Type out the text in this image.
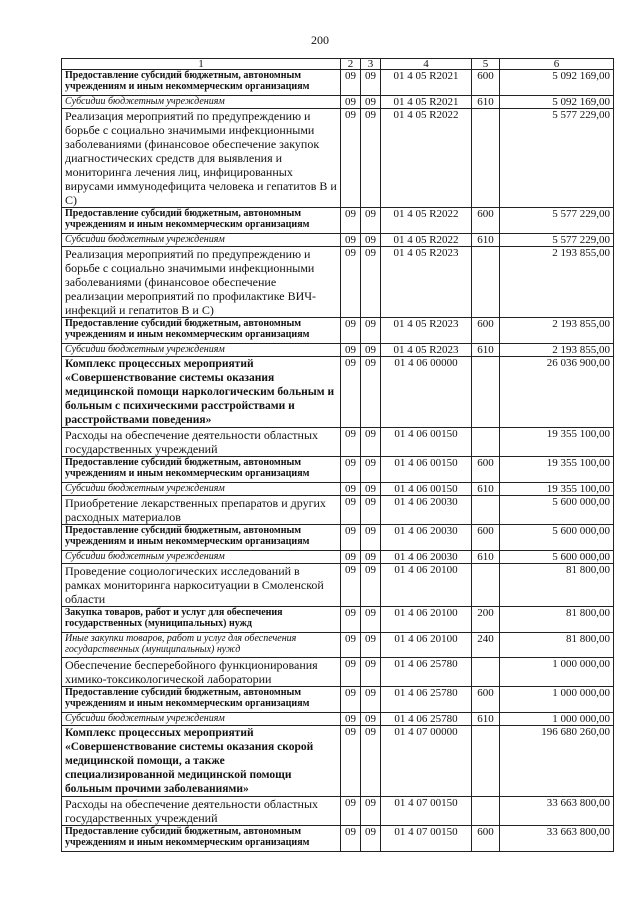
200
1	2	3	4	5	6
Предоставление субсидий бюджетным, автономным учреждениям и иным некоммерческим организациям	09	09	01 4 05 R2021	600	5 092 169,00
Субсидии бюджетным учреждениям	09	09	01 4 05 R2021	610	5 092 169,00
Реализация мероприятий по предупреждению и борьбе с социально значимыми инфекционными заболеваниями (финансовое обеспечение закупок диагностических средств для выявления и мониторинга лечения лиц, инфицированных вирусами иммунодефицита человека и гепатитов В и С)	09	09	01 4 05 R2022		5 577 229,00
Предоставление субсидий бюджетным, автономным учреждениям и иным некоммерческим организациям	09	09	01 4 05 R2022	600	5 577 229,00
Субсидии бюджетным учреждениям	09	09	01 4 05 R2022	610	5 577 229,00
Реализация мероприятий по предупреждению и борьбе с социально значимыми инфекционными заболеваниями (финансовое обеспечение реализации мероприятий по профилактике ВИЧ-инфекций и гепатитов В и С)	09	09	01 4 05 R2023		2 193 855,00
Предоставление субсидий бюджетным, автономным учреждениям и иным некоммерческим организациям	09	09	01 4 05 R2023	600	2 193 855,00
Субсидии бюджетным учреждениям	09	09	01 4 05 R2023	610	2 193 855,00
Комплекс процессных мероприятий «Совершенствование системы оказания медицинской помощи наркологическим больным и больным с психическими расстройствами и расстройствами поведения»	09	09	01 4 06 00000		26 036 900,00
Расходы на обеспечение деятельности областных государственных учреждений	09	09	01 4 06 00150		19 355 100,00
Предоставление субсидий бюджетным, автономным учреждениям и иным некоммерческим организациям	09	09	01 4 06 00150	600	19 355 100,00
Субсидии бюджетным учреждениям	09	09	01 4 06 00150	610	19 355 100,00
Приобретение лекарственных препаратов и других расходных материалов	09	09	01 4 06 20030		5 600 000,00
Предоставление субсидий бюджетным, автономным учреждениям и иным некоммерческим организациям	09	09	01 4 06 20030	600	5 600 000,00
Субсидии бюджетным учреждениям	09	09	01 4 06 20030	610	5 600 000,00
Проведение социологических исследований в рамках мониторинга наркоситуации в Смоленской области	09	09	01 4 06 20100		81 800,00
Закупка товаров, работ и услуг для обеспечения государственных (муниципальных) нужд	09	09	01 4 06 20100	200	81 800,00
Иные закупки товаров, работ и услуг для обеспечения государственных (муниципальных) нужд	09	09	01 4 06 20100	240	81 800,00
Обеспечение бесперебойного функционирования химико-токсикологической лаборатории	09	09	01 4 06 25780		1 000 000,00
Предоставление субсидий бюджетным, автономным учреждениям и иным некоммерческим организациям	09	09	01 4 06 25780	600	1 000 000,00
Субсидии бюджетным учреждениям	09	09	01 4 06 25780	610	1 000 000,00
Комплекс процессных мероприятий «Совершенствование системы оказания скорой медицинской помощи, а также специализированной медицинской помощи больным прочими заболеваниями»	09	09	01 4 07 00000		196 680 260,00
Расходы на обеспечение деятельности областных государственных учреждений	09	09	01 4 07 00150		33 663 800,00
Предоставление субсидий бюджетным, автономным учреждениям и иным некоммерческим организациям	09	09	01 4 07 00150	600	33 663 800,00
